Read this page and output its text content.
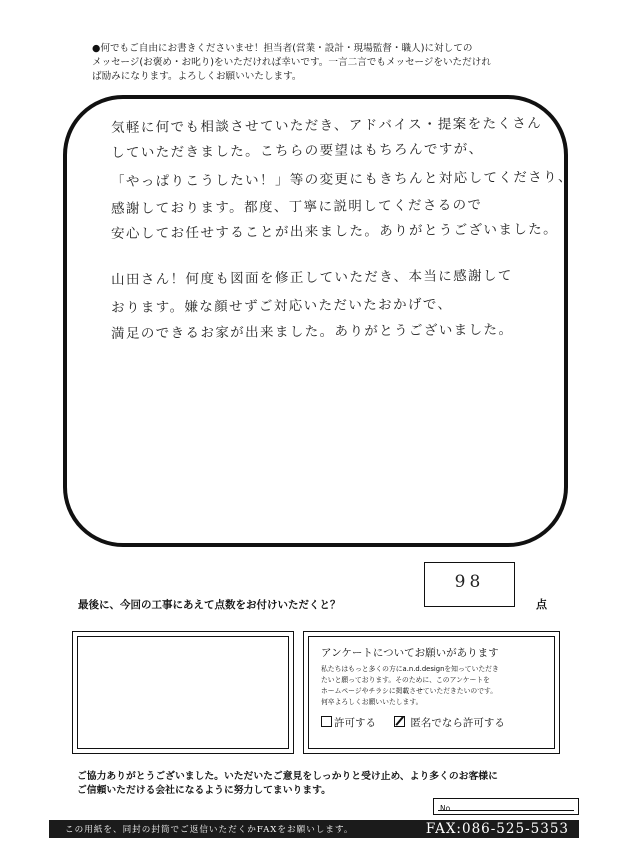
●何でもご自由にお書きくださいませ！担当者(営業・設計・現場監督・職人)に対しての

メッセージ(お褒め・お叱り)をいただければ幸いです。一言二言でもメッセージをいただけれ

ば励みになります。よろしくお願いいたします。

気軽に何でも相談させていただき、アドバイス・提案をたくさん
していただきました。こちらの要望はもちろんですが、
「やっぱりこうしたい！」等の変更にもきちんと対応してくださり、
感謝しております。都度、丁寧に説明してくださるので
安心してお任せすることが出来ました。ありがとうございました。
山田さん！何度も図面を修正していただき、本当に感謝して
おります。嫌な顔せずご対応いただいたおかげで、
満足のできるお家が出来ました。ありがとうございました。
最後に、今回の工事にあえて点数をお付けいただくと？
98
点
アンケートについてお願いがあります

私たちはもっと多くの方にa.n.d.designを知っていただき

たいと願っております。そのために、このアンケートを

ホームページやチラシに掲載させていただきたいのです。

何卒よろしくお願いいたします。

許可する	匿名でなら許可する

ご協力ありがとうございました。いただいたご意見をしっかりと受け止め、より多くのお客様に

ご信頼いただける会社になるように努力してまいります。

No.
この用紙を、同封の封筒でご返信いただくかFAXをお願いします。	FAX:086-525-5353
